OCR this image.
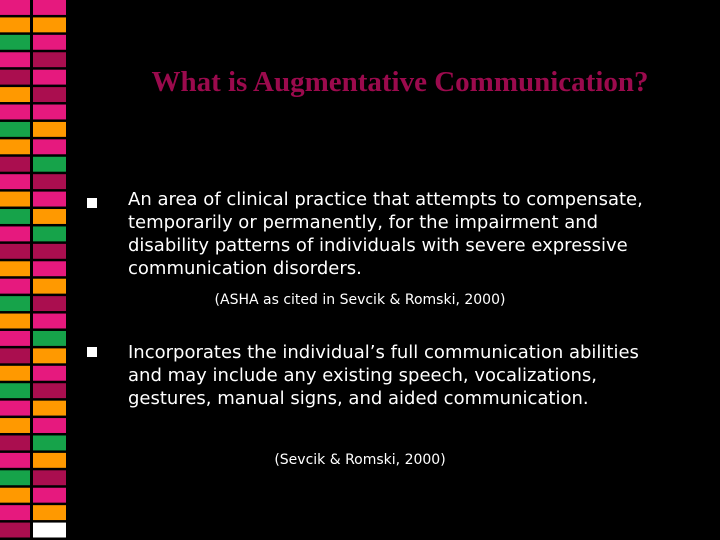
What is Augmentative Communication?
An area of clinical practice that attempts to compensate,
temporarily or permanently, for the impairment and
disability patterns of individuals with severe expressive
communication disorders.
(ASHA as cited in Sevcik & Romski, 2000)
Incorporates the individual’s full communication abilities
and may include any existing speech, vocalizations,
gestures, manual signs, and aided communication.
(Sevcik & Romski, 2000)
